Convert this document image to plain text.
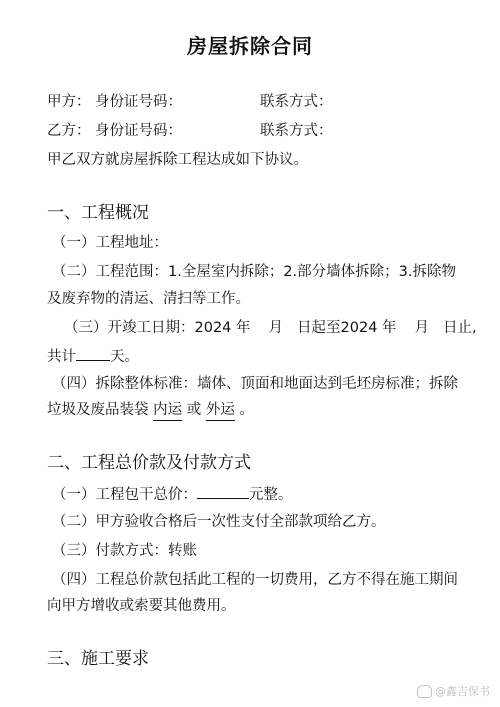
房屋拆除合同
甲方： 身份证号码：	联系方式：
乙方： 身份证号码：	联系方式：
甲乙双方就房屋拆除工程达成如下协议。
一、工程概况
（一）工程地址：
（二）工程范围：1.全屋室内拆除；2.部分墙体拆除；3.拆除物
及废弃物的清运、清扫等工作。
（三）开竣工日期：2024 年 月 日起至2024 年 月 日止,
共计 天。
（四）拆除整体标准：墙体、顶面和地面达到毛坯房标准；拆除
垃圾及废品装袋 内运 或 外运 。
二、工程总价款及付款方式
（一）工程包干总价：	元整。
（二）甲方验收合格后一次性支付全部款项给乙方。
（三）付款方式：转账
（四）工程总价款包括此工程的一切费用，乙方不得在施工期间
向甲方增收或索要其他费用。
三、施工要求
@鑫吉保书
